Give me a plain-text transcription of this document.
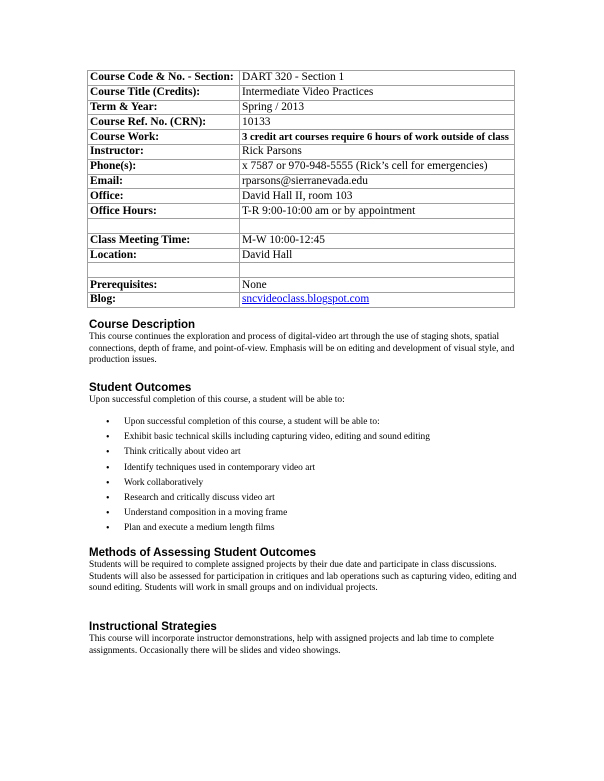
Course Code & No. - Section:	DART 320 - Section 1
Course Title (Credits):	Intermediate Video Practices
Term & Year:	Spring / 2013
Course Ref. No. (CRN):	10133
Course Work:	3 credit art courses require 6 hours of work outside of class
Instructor:	Rick Parsons
Phone(s):	x 7587 or 970-948-5555 (Rick’s cell for emergencies)
Email:	rparsons@sierranevada.edu
Office:	David Hall II, room 103
Office Hours:	T-R 9:00-10:00 am or by appointment

Class Meeting Time:	M-W 10:00-12:45
Location:	David Hall

Prerequisites:	None
Blog:	sncvideoclass.blogspot.com
Course Description

This course continues the exploration and process of digital-video art through the use of staging shots, spatial connections, depth of frame, and point-of-view. Emphasis will be on editing and development of visual style, and production issues.

Student Outcomes

Upon successful completion of this course, a student will be able to:

• Upon successful completion of this course, a student will be able to:
• Exhibit basic technical skills including capturing video, editing and sound editing
• Think critically about video art
• Identify techniques used in contemporary video art
• Work collaboratively
• Research and critically discuss video art
• Understand composition in a moving frame
• Plan and execute a medium length films
Methods of Assessing Student Outcomes

Students will be required to complete assigned projects by their due date and participate in class discussions. Students will also be assessed for participation in critiques and lab operations such as capturing video, editing and sound editing. Students will work in small groups and on individual projects.

Instructional Strategies

This course will incorporate instructor demonstrations, help with assigned projects and lab time to complete assignments. Occasionally there will be slides and video showings.
